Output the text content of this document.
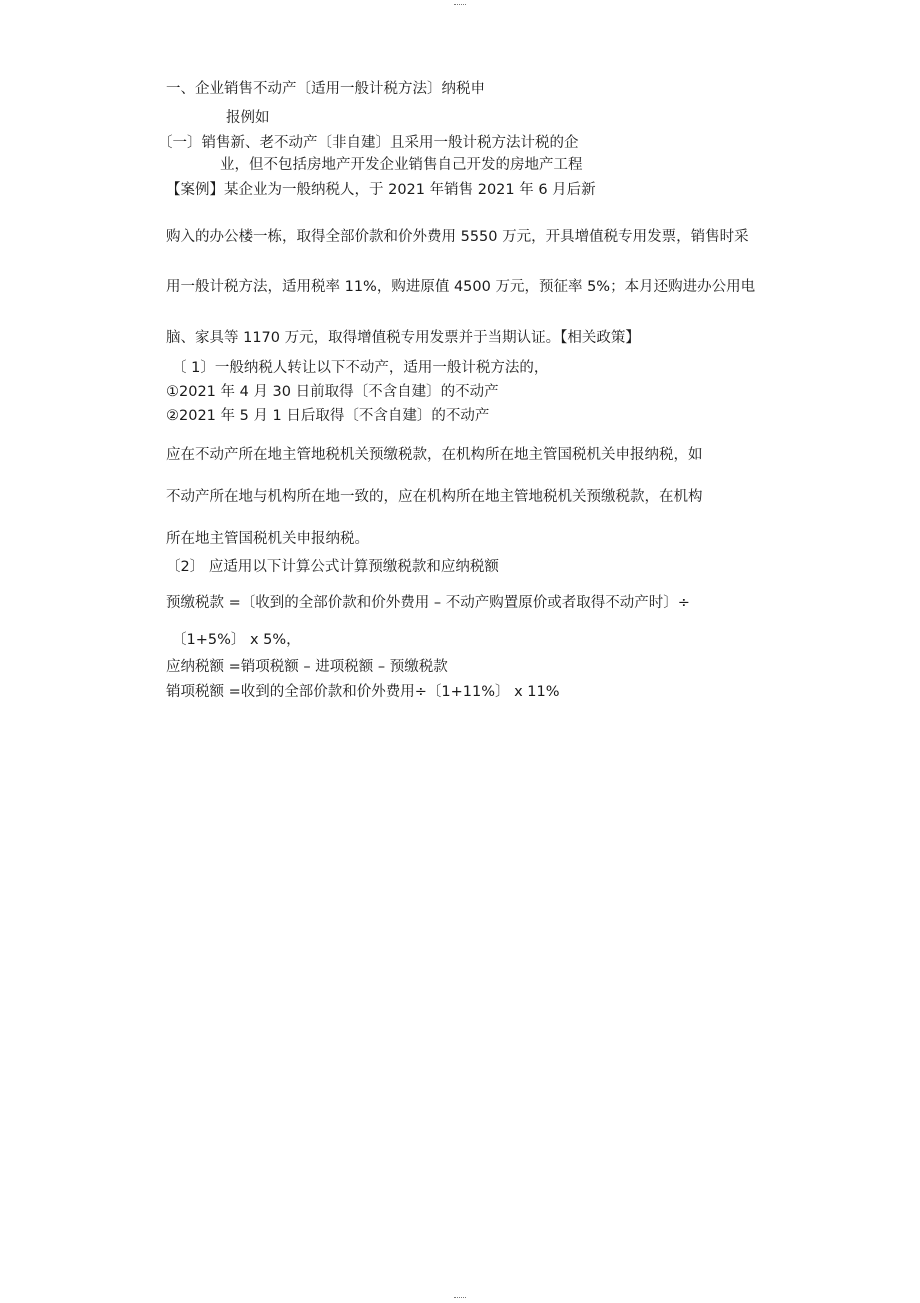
一、企业销售不动产〔适用一般计税方法〕纳税申
报例如
〔一〕销售新、老不动产〔非自建〕且采用一般计税方法计税的企
业，但不包括房地产开发企业销售自己开发的房地产工程
【案例】某企业为一般纳税人，于 2021 年销售 2021 年 6 月后新
购入的办公楼一栋，取得全部价款和价外费用 5550 万元，开具增值税专用发票，销售时采
用一般计税方法，适用税率 11%，购进原值 4500 万元，预征率 5%；本月还购进办公用电
脑、家具等 1170 万元，取得增值税专用发票并于当期认证。【相关政策】
〔 1〕一般纳税人转让以下不动产，适用一般计税方法的，
①2021 年 4 月 30 日前取得〔不含自建〕的不动产
②2021 年 5 月 1 日后取得〔不含自建〕的不动产
应在不动产所在地主管地税机关预缴税款，在机构所在地主管国税机关申报纳税，如
不动产所在地与机构所在地一致的，应在机构所在地主管地税机关预缴税款，在机构
所在地主管国税机关申报纳税。
〔2〕 应适用以下计算公式计算预缴税款和应纳税额
预缴税款 =〔收到的全部价款和价外费用 – 不动产购置原价或者取得不动产时〕÷
〔1+5%〕 x 5%，
应纳税额 =销项税额 – 进项税额 – 预缴税款
销项税额 =收到的全部价款和价外费用÷〔1+11%〕 x 11%
